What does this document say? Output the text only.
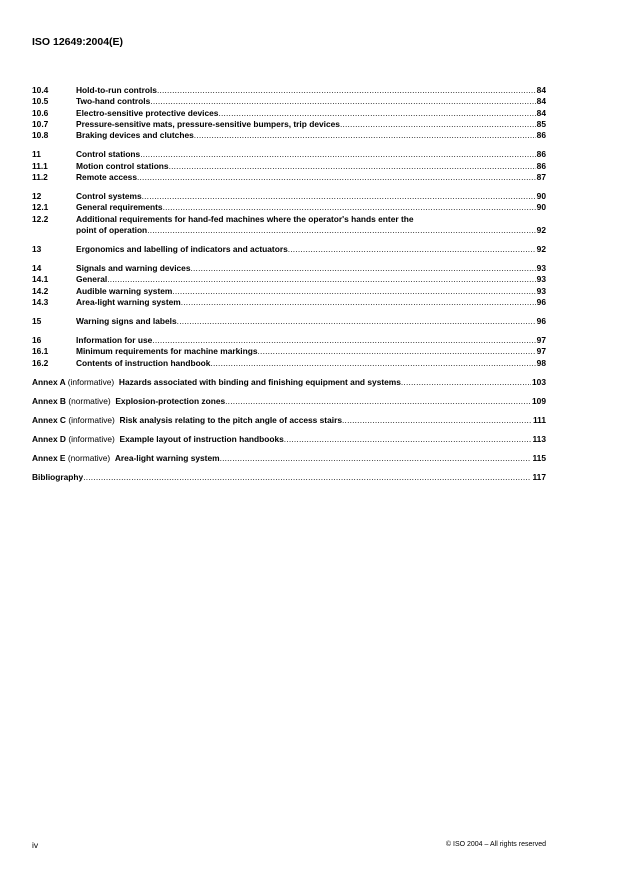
ISO 12649:2004(E)
10.4	Hold-to-run controls .....	84
10.5	Two-hand controls .....	84
10.6	Electro-sensitive protective devices .....	84
10.7	Pressure-sensitive mats, pressure-sensitive bumpers, trip devices .....	85
10.8	Braking devices and clutches .....	86
11	Control stations .....	86
11.1	Motion control stations .....	86
11.2	Remote access .....	87
12	Control systems .....	90
12.1	General requirements .....	90
12.2	Additional requirements for hand-fed machines where the operator's hands enter the
point of operation .....	92
13	Ergonomics and labelling of indicators and actuators .....	92
14	Signals and warning devices .....	93
14.1	General .....	93
14.2	Audible warning system .....	93
14.3	Area-light warning system .....	96
15	Warning signs and labels .....	96
16	Information for use .....	97
16.1	Minimum requirements for machine markings .....	97
16.2	Contents of instruction handbook .....	98
Annex A (informative) Hazards associated with binding and finishing equipment and systems .....	103
Annex B (normative) Explosion-protection zones .....	109
Annex C (informative) Risk analysis relating to the pitch angle of access stairs .....	111
Annex D (informative) Example layout of instruction handbooks .....	113
Annex E (normative) Area-light warning system .....	115
Bibliography .....	117
iv	© ISO 2004 – All rights reserved
